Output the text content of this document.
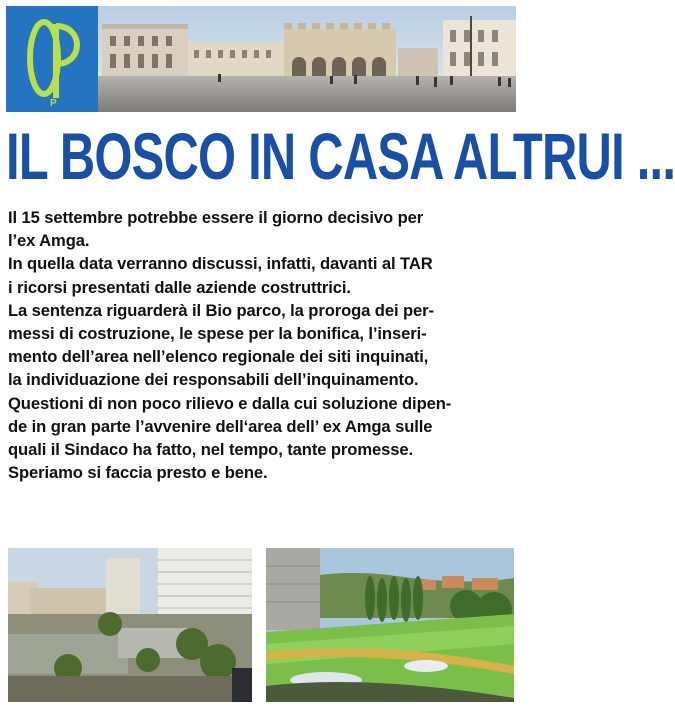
P
IL BOSCO IN CASA ALTRUI ...
Il 15 settembre potrebbe essere il giorno decisivo per
l’ex Amga.
In quella data verranno discussi, infatti, davanti al TAR
i ricorsi presentati dalle aziende costruttrici.
La sentenza riguarderà il Bio parco, la proroga dei per-
messi di costruzione, le spese per la bonifica, l’inseri-
mento dell’area nell’elenco regionale dei siti inquinati,
la individuazione dei responsabili dell’inquinamento.
Questioni di non poco rilievo e dalla cui soluzione dipen-
de in gran parte l’avvenire dell‘area dell’ ex Amga sulle
quali il Sindaco ha fatto, nel tempo, tante promesse.
Speriamo si faccia presto e bene.
